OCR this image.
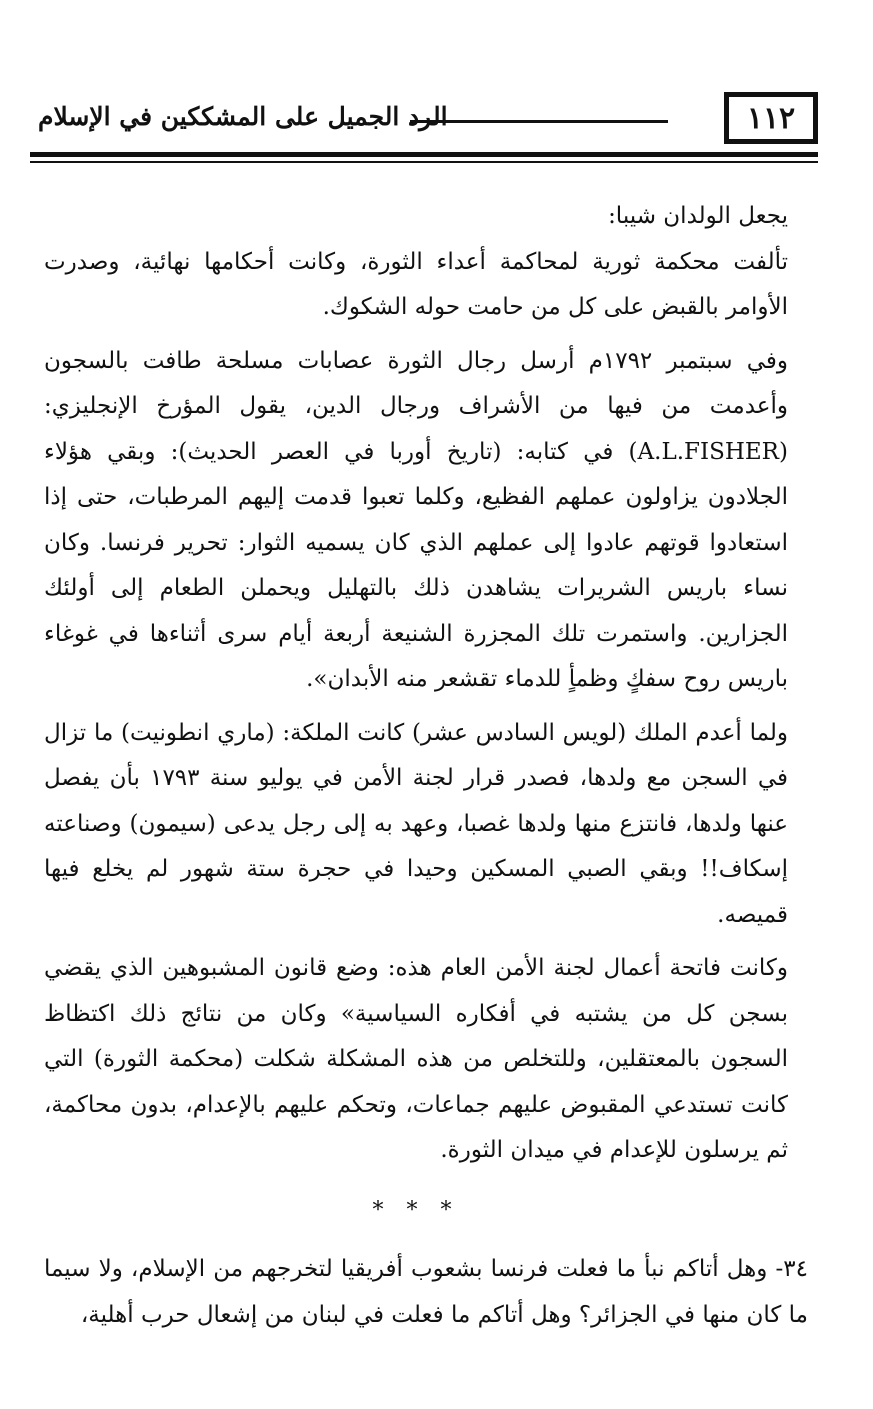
١١٢
الرد الجميل على المشككين في الإسلام

يجعل الولدان شيبا:

تألفت محكمة ثورية لمحاكمة أعداء الثورة، وكانت أحكامها نهائية، وصدرت الأوامر بالقبض على كل من حامت حوله الشكوك.

وفي سبتمبر ١٧٩٢م أرسل رجال الثورة عصابات مسلحة طافت بالسجون وأعدمت من فيها من الأشراف ورجال الدين، يقول المؤرخ الإنجليزي: (A.L.FISHER) في كتابه: (تاريخ أوربا في العصر الحديث): وبقي هؤلاء الجلادون يزاولون عملهم الفظيع، وكلما تعبوا قدمت إليهم المرطبات، حتى إذا استعادوا قوتهم عادوا إلى عملهم الذي كان يسميه الثوار: تحرير فرنسا. وكان نساء باريس الشريرات يشاهدن ذلك بالتهليل ويحملن الطعام إلى أولئك الجزارين. واستمرت تلك المجزرة الشنيعة أربعة أيام سرى أثناءها في غوغاء باريس روح سفكٍ وظمأٍ للدماء تقشعر منه الأبدان».

ولما أعدم الملك (لويس السادس عشر) كانت الملكة: (ماري انطونيت) ما تزال في السجن مع ولدها، فصدر قرار لجنة الأمن في يوليو سنة ١٧٩٣ بأن يفصل عنها ولدها، فانتزع منها ولدها غصبا، وعهد به إلى رجل يدعى (سيمون) وصناعته إسكاف!! وبقي الصبي المسكين وحيدا في حجرة ستة شهور لم يخلع فيها قميصه.

وكانت فاتحة أعمال لجنة الأمن العام هذه: وضع قانون المشبوهين الذي يقضي بسجن كل من يشتبه في أفكاره السياسية» وكان من نتائج ذلك اكتظاظ السجون بالمعتقلين، وللتخلص من هذه المشكلة شكلت (محكمة الثورة) التي كانت تستدعي المقبوض عليهم جماعات، وتحكم عليهم بالإعدام، بدون محاكمة، ثم يرسلون للإعدام في ميدان الثورة.

* * *

٣٤- وهل أتاكم نبأ ما فعلت فرنسا بشعوب أفريقيا لتخرجهم من الإسلام، ولا سيما ما كان منها في الجزائر؟ وهل أتاكم ما فعلت في لبنان من إشعال حرب أهلية،
